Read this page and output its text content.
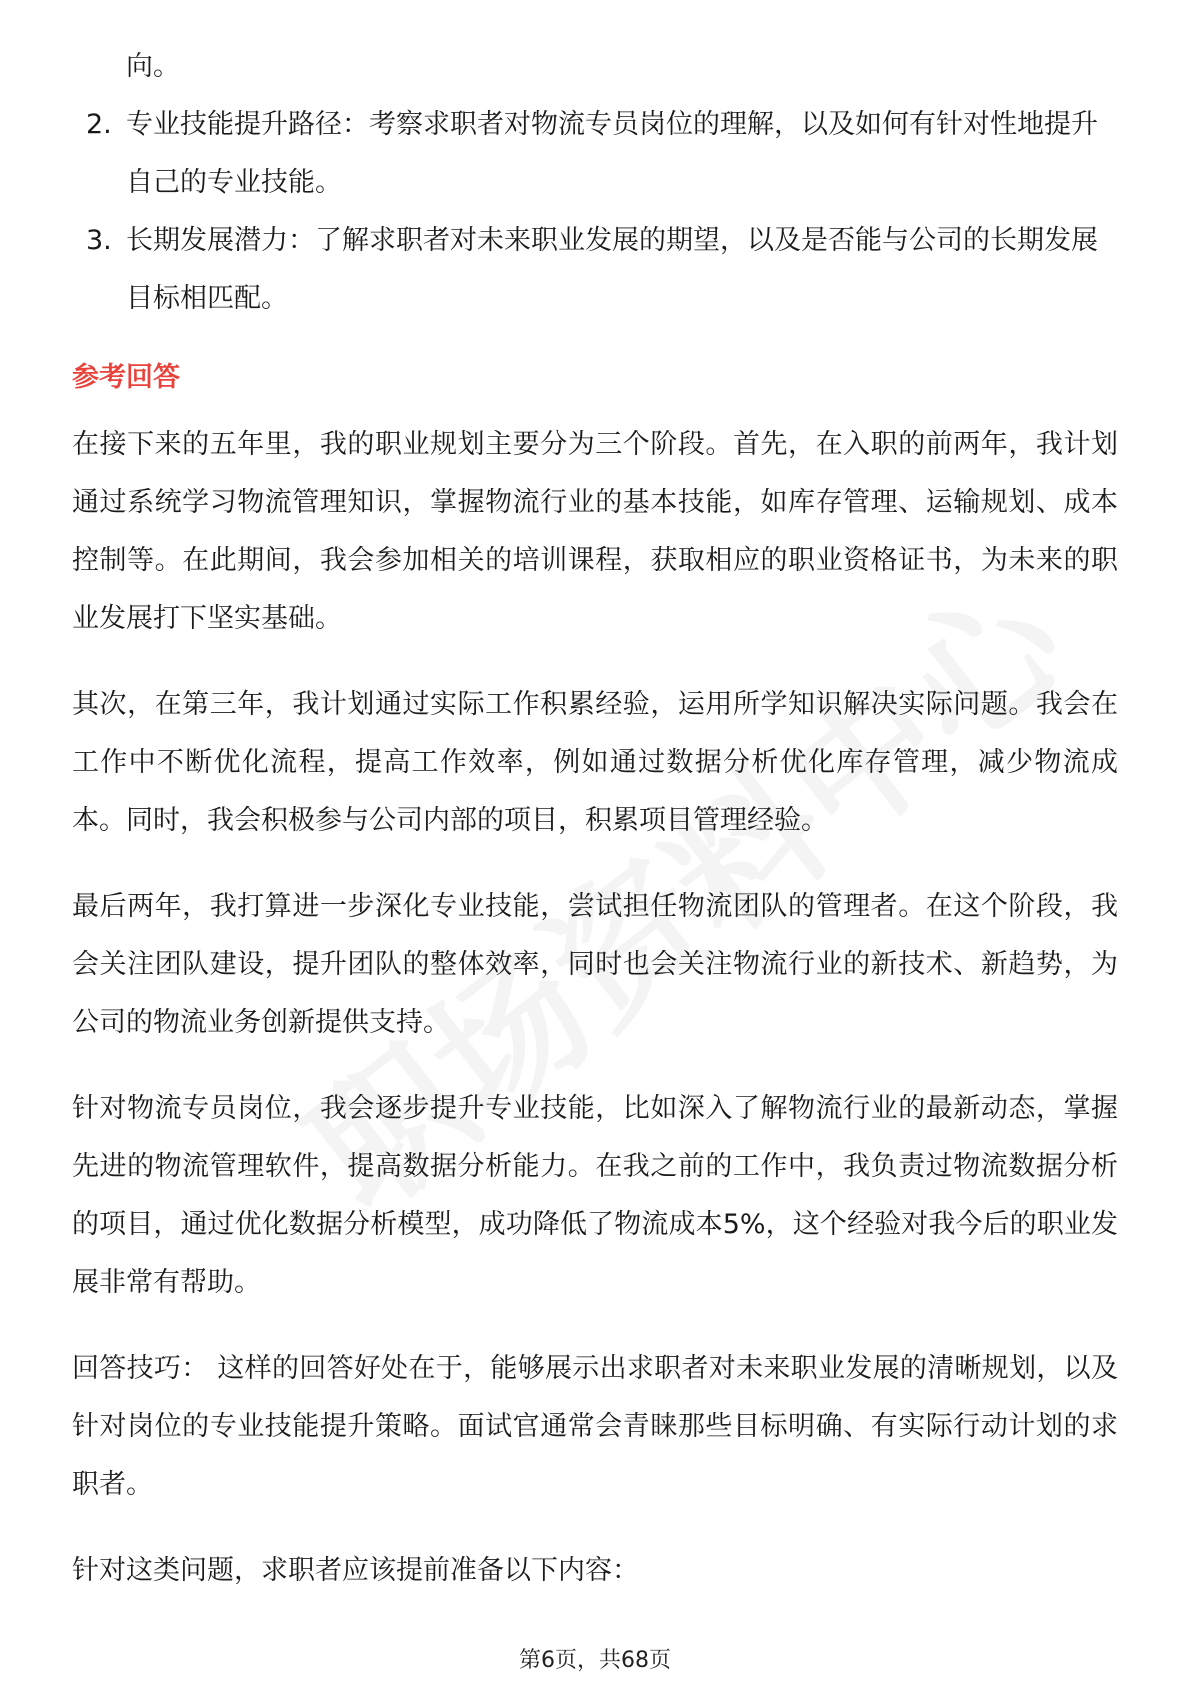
向。
2. 专业技能提升路径：考察求职者对物流专员岗位的理解，以及如何有针对性地提升自己的专业技能。
3. 长期发展潜力：了解求职者对未来职业发展的期望，以及是否能与公司的长期发展目标相匹配。
参考回答

在接下来的五年里，我的职业规划主要分为三个阶段。首先，在入职的前两年，我计划通过系统学习物流管理知识，掌握物流行业的基本技能，如库存管理、运输规划、成本控制等。在此期间，我会参加相关的培训课程，获取相应的职业资格证书，为未来的职业发展打下坚实基础。

其次，在第三年，我计划通过实际工作积累经验，运用所学知识解决实际问题。我会在工作中不断优化流程，提高工作效率，例如通过数据分析优化库存管理，减少物流成本。同时，我会积极参与公司内部的项目，积累项目管理经验。

最后两年，我打算进一步深化专业技能，尝试担任物流团队的管理者。在这个阶段，我会关注团队建设，提升团队的整体效率，同时也会关注物流行业的新技术、新趋势，为公司的物流业务创新提供支持。

针对物流专员岗位，我会逐步提升专业技能，比如深入了解物流行业的最新动态，掌握先进的物流管理软件，提高数据分析能力。在我之前的工作中，我负责过物流数据分析的项目，通过优化数据分析模型，成功降低了物流成本5%，这个经验对我今后的职业发展非常有帮助。

回答技巧： 这样的回答好处在于，能够展示出求职者对未来职业发展的清晰规划，以及针对岗位的专业技能提升策略。面试官通常会青睐那些目标明确、有实际行动计划的求职者。

针对这类问题，求职者应该提前准备以下内容：

第6页，共68页
